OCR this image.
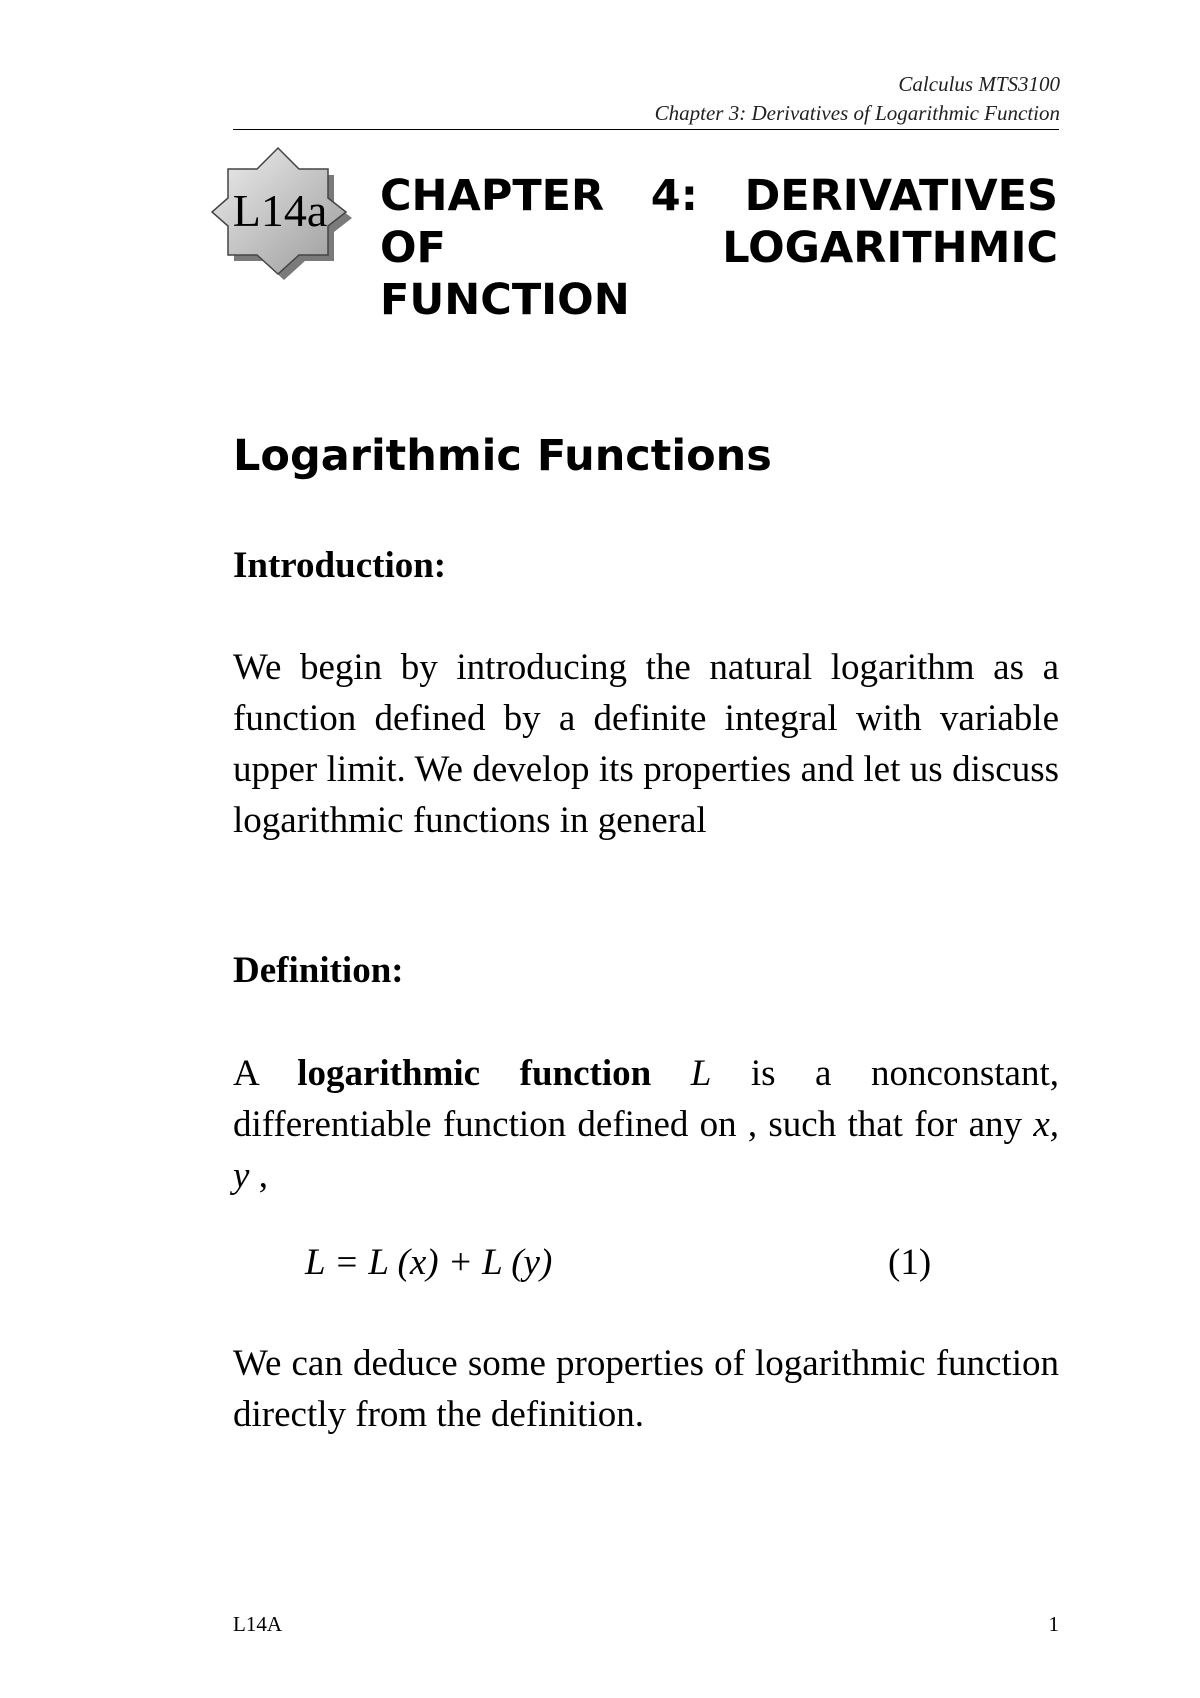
Calculus MTS3100
Chapter 3: Derivatives of Logarithmic Function
L14a CHAPTER 4: DERIVATIVES OF LOGARITHMIC FUNCTION
Logarithmic Functions
Introduction:
We begin by introducing the natural logarithm as a function defined by a definite integral with variable upper limit. We develop its properties and let us discuss logarithmic functions in general
Definition:
A logarithmic function L is a nonconstant, differentiable function defined on , such that for any x, y ,
L = L (x) + L (y)	(1)
We can deduce some properties of logarithmic function directly from the definition.
L14A	1
